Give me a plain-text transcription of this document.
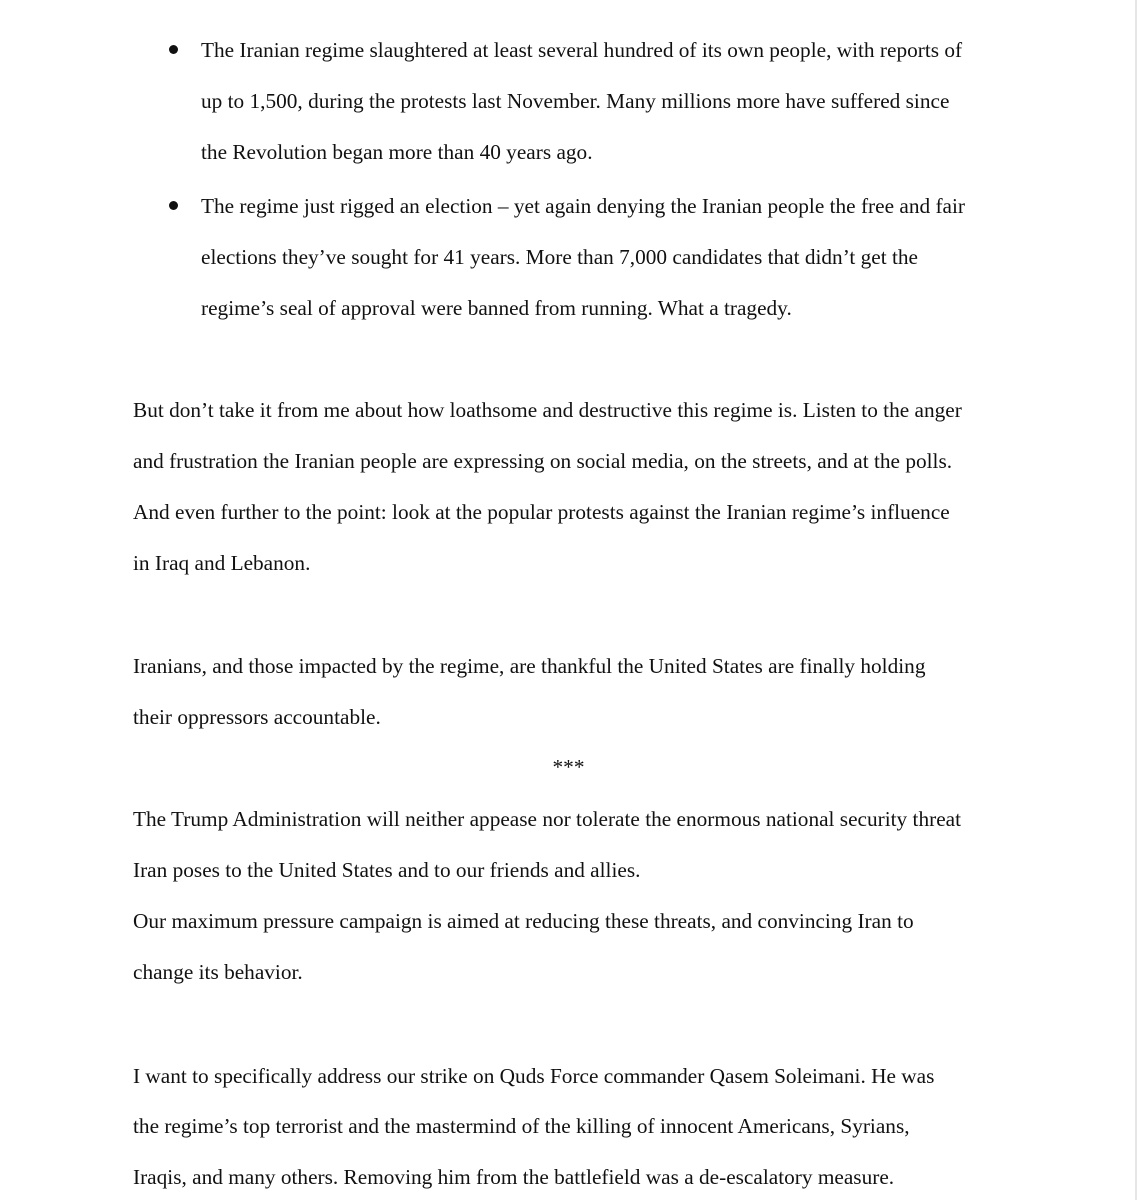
The Iranian regime slaughtered at least several hundred of its own people, with reports of
up to 1,500, during the protests last November. Many millions more have suffered since
the Revolution began more than 40 years ago.
The regime just rigged an election – yet again denying the Iranian people the free and fair
elections they’ve sought for 41 years. More than 7,000 candidates that didn’t get the
regime’s seal of approval were banned from running. What a tragedy.
But don’t take it from me about how loathsome and destructive this regime is. Listen to the anger
and frustration the Iranian people are expressing on social media, on the streets, and at the polls.
And even further to the point: look at the popular protests against the Iranian regime’s influence
in Iraq and Lebanon.
Iranians, and those impacted by the regime, are thankful the United States are finally holding
their oppressors accountable.
***
The Trump Administration will neither appease nor tolerate the enormous national security threat
Iran poses to the United States and to our friends and allies.
Our maximum pressure campaign is aimed at reducing these threats, and convincing Iran to
change its behavior.
I want to specifically address our strike on Quds Force commander Qasem Soleimani. He was
the regime’s top terrorist and the mastermind of the killing of innocent Americans, Syrians,
Iraqis, and many others. Removing him from the battlefield was a de-escalatory measure.
